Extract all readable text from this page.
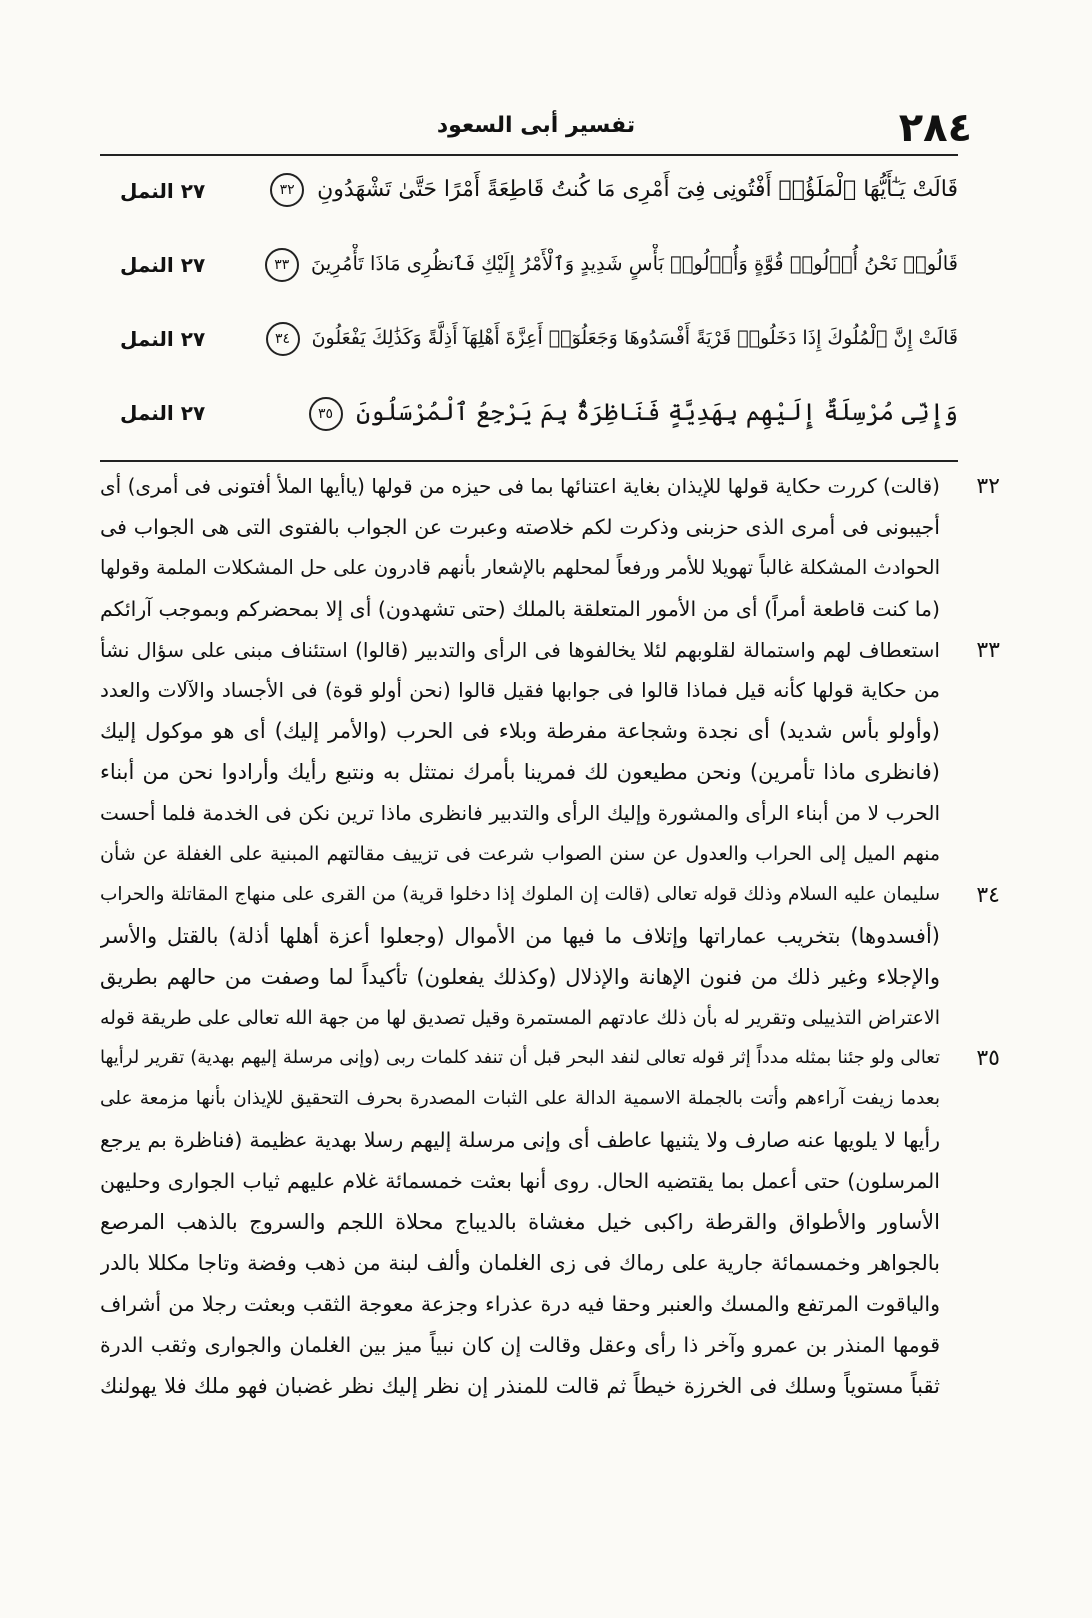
٢٨٤
تفسير أبى السعود
قَالَتْ يَـٰٓأَيُّهَا ٱلْمَلَؤُا۟ أَفْتُونِى فِىٓ أَمْرِى مَا كُنتُ قَاطِعَةً أَمْرًا حَتَّىٰ تَشْهَدُونِ ٣٢
٢٧ النمل
قَالُوا۟ نَحْنُ أُو۟لُوا۟ قُوَّةٍ وَأُو۟لُوا۟ بَأْسٍ شَدِيدٍ وَٱلْأَمْرُ إِلَيْكِ فَٱنظُرِى مَاذَا تَأْمُرِينَ ٣٣
٢٧ النمل
قَالَتْ إِنَّ ٱلْمُلُوكَ إِذَا دَخَلُوا۟ قَرْيَةً أَفْسَدُوهَا وَجَعَلُوٓا۟ أَعِزَّةَ أَهْلِهَآ أَذِلَّةً وَكَذَٰلِكَ يَفْعَلُونَ ٣٤
٢٧ النمل
وَإِنِّى مُرْسِلَةٌ إِلَيْهِم بِهَدِيَّةٍ فَنَاظِرَةٌۢ بِمَ يَرْجِعُ ٱلْمُرْسَلُونَ ٣٥
٢٧ النمل
٣٢
(قالت) كررت حكاية قولها للإيذان بغاية اعتنائها بما فى حيزه من قولها (ياأيها الملأ أفتونى فى أمرى) أى
أجيبونى فى أمرى الذى حزبنى وذكرت لكم خلاصته وعبرت عن الجواب بالفتوى التى هى الجواب فى
الحوادث المشكلة غالباً تهويلا للأمر ورفعاً لمحلهم بالإشعار بأنهم قادرون على حل المشكلات الملمة وقولها
(ما كنت قاطعة أمراً) أى من الأمور المتعلقة بالملك (حتى تشهدون) أى إلا بمحضركم وبموجب آرائكم
٣٣
استعطاف لهم واستمالة لقلوبهم لئلا يخالفوها فى الرأى والتدبير (قالوا) استئناف مبنى على سؤال نشأ
من حكاية قولها كأنه قيل فماذا قالوا فى جوابها فقيل قالوا (نحن أولو قوة) فى الأجساد والآلات والعدد
(وأولو بأس شديد) أى نجدة وشجاعة مفرطة وبلاء فى الحرب (والأمر إليك) أى هو موكول إليك
(فانظرى ماذا تأمرين) ونحن مطيعون لك فمرينا بأمرك نمتثل به ونتبع رأيك وأرادوا نحن من أبناء
الحرب لا من أبناء الرأى والمشورة وإليك الرأى والتدبير فانظرى ماذا ترين نكن فى الخدمة فلما أحست
منهم الميل إلى الحراب والعدول عن سنن الصواب شرعت فى تزييف مقالتهم المبنية على الغفلة عن شأن
٣٤
سليمان عليه السلام وذلك قوله تعالى (قالت إن الملوك إذا دخلوا قرية) من القرى على منهاج المقاتلة والحراب
(أفسدوها) بتخريب عماراتها وإتلاف ما فيها من الأموال (وجعلوا أعزة أهلها أذلة) بالقتل والأسر
والإجلاء وغير ذلك من فنون الإهانة والإذلال (وكذلك يفعلون) تأكيداً لما وصفت من حالهم بطريق
الاعتراض التذييلى وتقرير له بأن ذلك عادتهم المستمرة وقيل تصديق لها من جهة الله تعالى على طريقة قوله
٣٥
تعالى ولو جئنا بمثله مدداً إثر قوله تعالى لنفد البحر قبل أن تنفد كلمات ربى (وإنى مرسلة إليهم بهدية) تقرير لرأيها
بعدما زيفت آراءهم وأتت بالجملة الاسمية الدالة على الثبات المصدرة بحرف التحقيق للإيذان بأنها مزمعة على
رأيها لا يلويها عنه صارف ولا يثنيها عاطف أى وإنى مرسلة إليهم رسلا بهدية عظيمة (فناظرة بم يرجع
المرسلون) حتى أعمل بما يقتضيه الحال. روى أنها بعثت خمسمائة غلام عليهم ثياب الجوارى وحليهن
الأساور والأطواق والقرطة راكبى خيل مغشاة بالديباج محلاة اللجم والسروج بالذهب المرصع
بالجواهر وخمسمائة جارية على رماك فى زى الغلمان وألف لبنة من ذهب وفضة وتاجا مكللا بالدر
والياقوت المرتفع والمسك والعنبر وحقا فيه درة عذراء وجزعة معوجة الثقب وبعثت رجلا من أشراف
قومها المنذر بن عمرو وآخر ذا رأى وعقل وقالت إن كان نبياً ميز بين الغلمان والجوارى وثقب الدرة
ثقباً مستوياً وسلك فى الخرزة خيطاً ثم قالت للمنذر إن نظر إليك نظر غضبان فهو ملك فلا يهولنك
